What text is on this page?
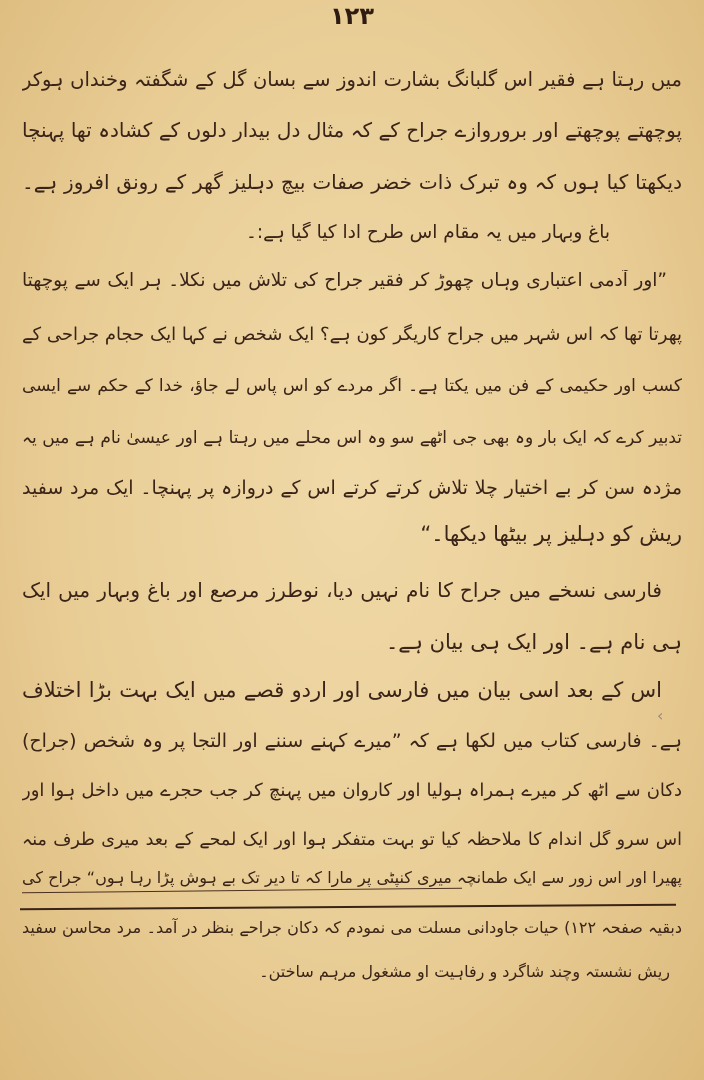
۱۲۳
میں رہتا ہے فقیر اس گلبانگ بشارت اندوز سے بسان گل کے شگفتہ وخنداں ہوکر
پوچھتے پوچھتے اور بروروازے جراح کے کہ مثال دل بیدار دلوں کے کشادہ تھا پہنچا
دیکھتا کیا ہوں کہ وہ تبرک ذات خضر صفات بیچ دہلیز گھر کے رونق افروز ہے۔
باغ وبہار میں یہ مقام اس طرح ادا کیا گیا ہے:۔
”اور آدمی اعتباری وہاں چھوڑ کر فقیر جراح کی تلاش میں نکلا۔ ہر ایک سے پوچھتا
پھرتا تھا کہ اس شہر میں جراح کاریگر کون ہے؟ ایک شخص نے کہا ایک حجام جراحی کے
کسب اور حکیمی کے فن میں یکتا ہے۔ اگر مردے کو اس پاس لے جاؤ، خدا کے حکم سے ایسی
تدبیر کرے کہ ایک بار وہ بھی جی اٹھے سو وہ اس محلے میں رہتا ہے اور عیسیٰ نام ہے میں یہ
مژدہ سن کر بے اختیار چلا تلاش کرتے کرتے اس کے دروازہ پر پہنچا۔ ایک مرد سفید
ریش کو دہلیز پر بیٹھا دیکھا۔“
فارسی نسخے میں جراح کا نام نہیں دیا، نوطرز مرصع اور باغ وبہار میں ایک
ہی نام ہے۔ اور ایک ہی بیان ہے۔
اس کے بعد اسی بیان میں فارسی اور اردو قصے میں ایک بہت بڑا اختلاف
ہے۔ فارسی کتاب میں لکھا ہے کہ ”میرے کہنے سننے اور التجا پر وہ شخص (جراح)
دکان سے اٹھ کر میرے ہمراہ ہولیا اور کاروان میں پہنچ کر جب حجرے میں داخل ہوا اور
اس سرو گل اندام کا ملاحظہ کیا تو بہت متفکر ہوا اور ایک لمحے کے بعد میری طرف منہ
پھیرا اور اس زور سے ایک طمانچہ میری کنپٹی پر مارا کہ تا دیر تک بے ہوش پڑا رہا ہوں“ جراح کی
دبقیہ صفحہ ۱۲۲) حیات جاودانی مسلت می نمودم کہ دکان جراحے بنظر در آمد۔ مرد محاسن سفید
ریش نشستہ وچند شاگرد و رفاہیت او مشغول مرہم ساختن۔
‹
